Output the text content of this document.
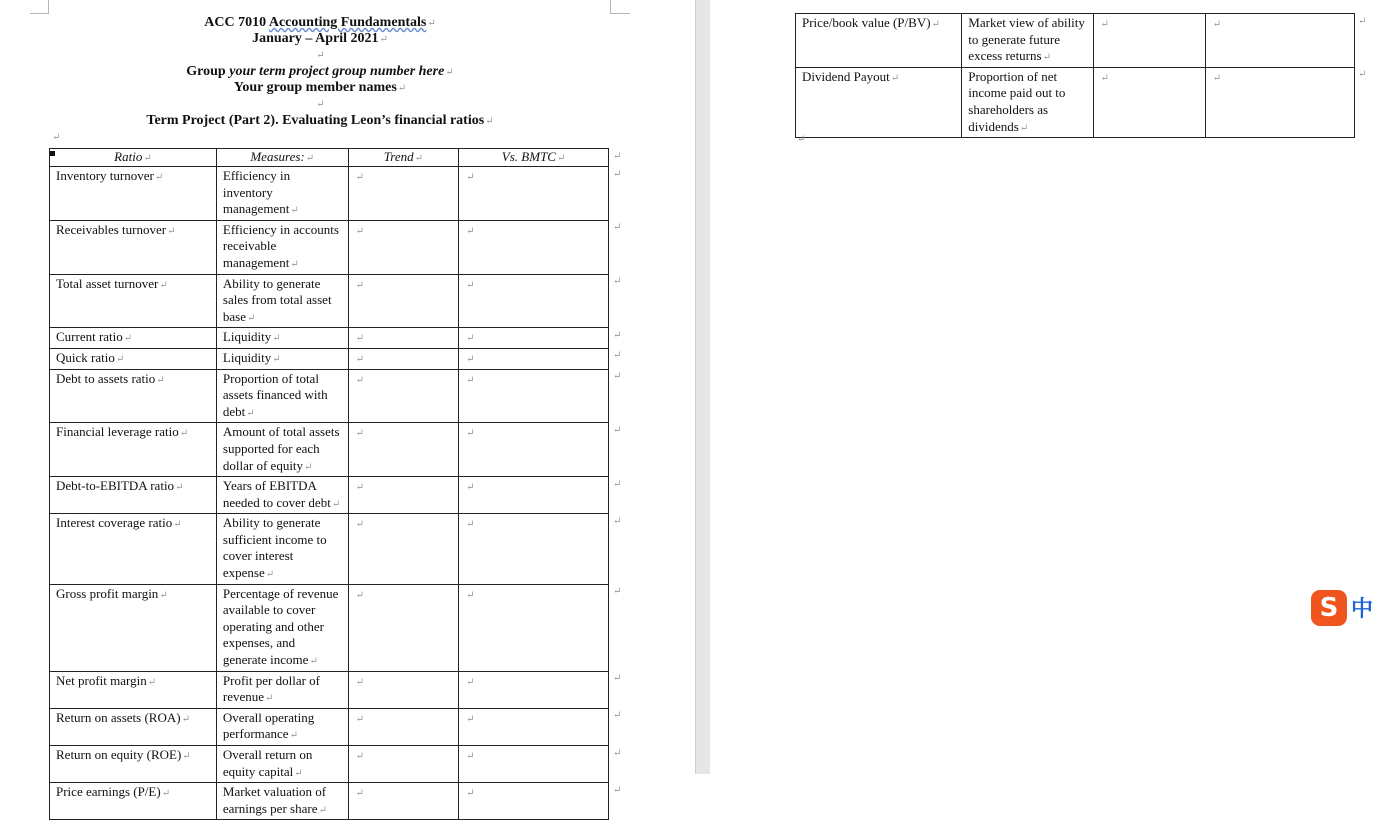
ACC 7010 Accounting Fundamentals↵
January – April 2021↵
↵
Group your term project group number here↵
Your group member names↵
↵
Term Project (Part 2). Evaluating Leon’s financial ratios↵
↵
Ratio↵	Measures:↵	Trend↵	Vs. BMTC↵
Inventory turnover↵	Efficiency in inventory management↵	↵	↵
Receivables turnover↵	Efficiency in accounts receivable management↵	↵	↵
Total asset turnover↵	Ability to generate sales from total asset base↵	↵	↵
Current ratio↵	Liquidity↵	↵	↵
Quick ratio↵	Liquidity↵	↵	↵
Debt to assets ratio↵	Proportion of total assets financed with debt↵	↵	↵
Financial leverage ratio↵	Amount of total assets supported for each dollar of equity↵	↵	↵
Debt-to-EBITDA ratio↵	Years of EBITDA needed to cover debt↵	↵	↵
Interest coverage ratio↵	Ability to generate sufficient income to cover interest expense↵	↵	↵
Gross profit margin↵	Percentage of revenue available to cover operating and other expenses, and generate income↵	↵	↵
Net profit margin↵	Profit per dollar of revenue↵	↵	↵
Return on assets (ROA)↵	Overall operating performance↵	↵	↵
Return on equity (ROE)↵	Overall return on equity capital↵	↵	↵
Price earnings (P/E)↵	Market valuation of earnings per share↵	↵	↵
Price/book value (P/BV)↵	Market view of ability to generate future excess returns↵	↵	↵
Dividend Payout↵	Proportion of net income paid out to shareholders as dividends↵	↵	↵
↵
S 中
↵
↵
↵
↵
↵
↵
↵
↵
↵
↵
↵
↵
↵
↵
↵
↵
↵
